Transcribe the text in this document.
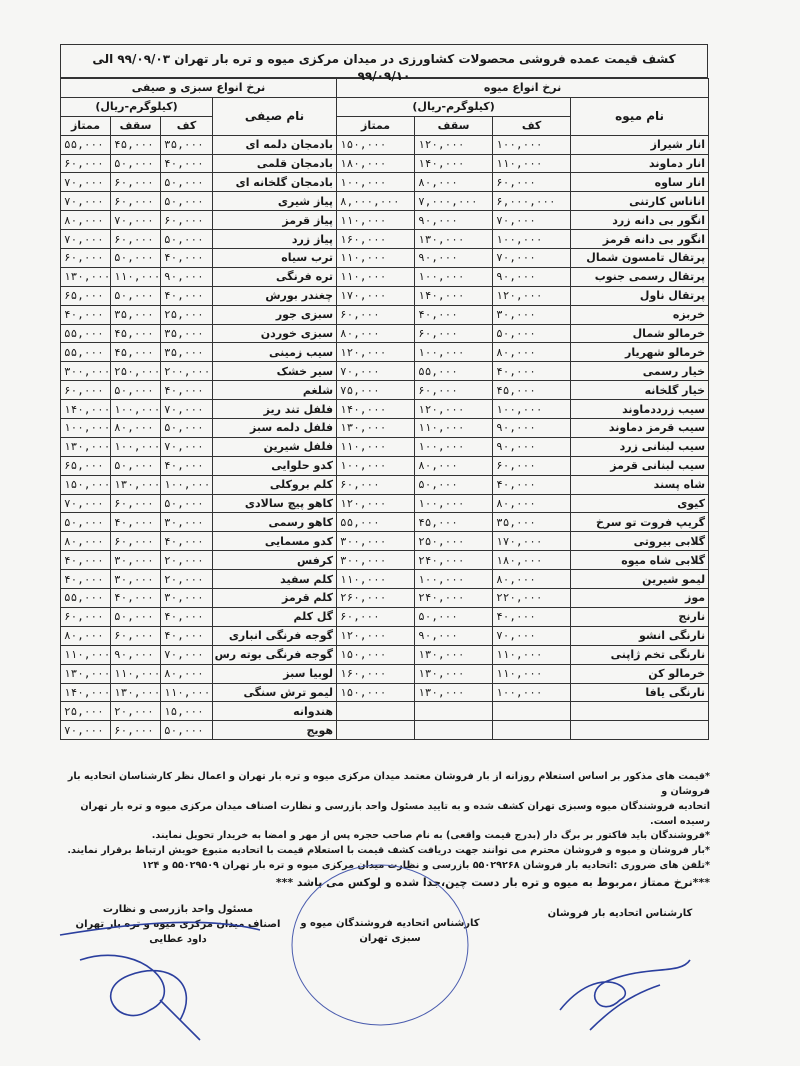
کشف قیمت عمده فروشی محصولات کشاورزی در میدان مرکزی میوه و تره بار تهران ۹۹/۰۹/۰۳ الی ۹۹/۰۹/۱۰
نرخ انواع میوه				نرخ انواع سبزی و صیفی			
نام میوه	(کیلوگرم-ریال)			نام صیفی	(کیلوگرم-ریال)		
	کف	سقف	ممتاز		کف	سقف	ممتاز
انار شیراز	۱۰۰,۰۰۰	۱۲۰,۰۰۰	۱۵۰,۰۰۰	بادمجان دلمه ای	۳۵,۰۰۰	۴۵,۰۰۰	۵۵,۰۰۰
انار دماوند	۱۱۰,۰۰۰	۱۴۰,۰۰۰	۱۸۰,۰۰۰	بادمجان قلمی	۴۰,۰۰۰	۵۰,۰۰۰	۶۰,۰۰۰
انار ساوه	۶۰,۰۰۰	۸۰,۰۰۰	۱۰۰,۰۰۰	بادمجان گلخانه ای	۵۰,۰۰۰	۶۰,۰۰۰	۷۰,۰۰۰
اناناس کارتنی	۶,۰۰۰,۰۰۰	۷,۰۰۰,۰۰۰	۸,۰۰۰,۰۰۰	پیاز شیری	۵۰,۰۰۰	۶۰,۰۰۰	۷۰,۰۰۰
انگور بی دانه زرد	۷۰,۰۰۰	۹۰,۰۰۰	۱۱۰,۰۰۰	پیاز قرمز	۶۰,۰۰۰	۷۰,۰۰۰	۸۰,۰۰۰
انگور بی دانه قرمز	۱۰۰,۰۰۰	۱۳۰,۰۰۰	۱۶۰,۰۰۰	پیاز زرد	۵۰,۰۰۰	۶۰,۰۰۰	۷۰,۰۰۰
پرتقال تامسون شمال	۷۰,۰۰۰	۹۰,۰۰۰	۱۱۰,۰۰۰	ترب سیاه	۴۰,۰۰۰	۵۰,۰۰۰	۶۰,۰۰۰
پرتقال رسمی جنوب	۹۰,۰۰۰	۱۰۰,۰۰۰	۱۱۰,۰۰۰	تره فرنگی	۹۰,۰۰۰	۱۱۰,۰۰۰	۱۳۰,۰۰۰
پرتقال ناول	۱۲۰,۰۰۰	۱۴۰,۰۰۰	۱۷۰,۰۰۰	چغندر بورش	۴۰,۰۰۰	۵۰,۰۰۰	۶۵,۰۰۰
خربزه	۳۰,۰۰۰	۴۰,۰۰۰	۶۰,۰۰۰	سبزی جور	۲۵,۰۰۰	۳۵,۰۰۰	۴۰,۰۰۰
خرمالو شمال	۵۰,۰۰۰	۶۰,۰۰۰	۸۰,۰۰۰	سبزی خوردن	۳۵,۰۰۰	۴۵,۰۰۰	۵۵,۰۰۰
خرمالو شهریار	۸۰,۰۰۰	۱۰۰,۰۰۰	۱۲۰,۰۰۰	سیب زمینی	۳۵,۰۰۰	۴۵,۰۰۰	۵۵,۰۰۰
خیار رسمی	۴۰,۰۰۰	۵۵,۰۰۰	۷۰,۰۰۰	سیر خشک	۲۰۰,۰۰۰	۲۵۰,۰۰۰	۳۰۰,۰۰۰
خیار گلخانه	۴۵,۰۰۰	۶۰,۰۰۰	۷۵,۰۰۰	شلغم	۴۰,۰۰۰	۵۰,۰۰۰	۶۰,۰۰۰
سیب زرددماوند	۱۰۰,۰۰۰	۱۲۰,۰۰۰	۱۴۰,۰۰۰	فلفل تند ریز	۷۰,۰۰۰	۱۰۰,۰۰۰	۱۴۰,۰۰۰
سیب قرمز دماوند	۹۰,۰۰۰	۱۱۰,۰۰۰	۱۳۰,۰۰۰	فلفل دلمه سبز	۵۰,۰۰۰	۸۰,۰۰۰	۱۰۰,۰۰۰
سیب لبنانی زرد	۹۰,۰۰۰	۱۰۰,۰۰۰	۱۱۰,۰۰۰	فلفل شیرین	۷۰,۰۰۰	۱۰۰,۰۰۰	۱۳۰,۰۰۰
سیب لبنانی قرمز	۶۰,۰۰۰	۸۰,۰۰۰	۱۰۰,۰۰۰	کدو حلوایی	۴۰,۰۰۰	۵۰,۰۰۰	۶۵,۰۰۰
شاه پسند	۴۰,۰۰۰	۵۰,۰۰۰	۶۰,۰۰۰	کلم بروکلی	۱۰۰,۰۰۰	۱۳۰,۰۰۰	۱۵۰,۰۰۰
کیوی	۸۰,۰۰۰	۱۰۰,۰۰۰	۱۲۰,۰۰۰	کاهو پیچ سالادی	۵۰,۰۰۰	۶۰,۰۰۰	۷۰,۰۰۰
گریپ فروت تو سرخ	۳۵,۰۰۰	۴۵,۰۰۰	۵۵,۰۰۰	کاهو رسمی	۳۰,۰۰۰	۴۰,۰۰۰	۵۰,۰۰۰
گلابی بیروتی	۱۷۰,۰۰۰	۲۵۰,۰۰۰	۳۰۰,۰۰۰	کدو مسمایی	۴۰,۰۰۰	۶۰,۰۰۰	۸۰,۰۰۰
گلابی شاه میوه	۱۸۰,۰۰۰	۲۴۰,۰۰۰	۳۰۰,۰۰۰	کرفس	۲۰,۰۰۰	۳۰,۰۰۰	۴۰,۰۰۰
لیمو شیرین	۸۰,۰۰۰	۱۰۰,۰۰۰	۱۱۰,۰۰۰	کلم سفید	۲۰,۰۰۰	۳۰,۰۰۰	۴۰,۰۰۰
موز	۲۲۰,۰۰۰	۲۴۰,۰۰۰	۲۶۰,۰۰۰	کلم قرمز	۳۰,۰۰۰	۴۰,۰۰۰	۵۵,۰۰۰
نارنج	۴۰,۰۰۰	۵۰,۰۰۰	۶۰,۰۰۰	گل کلم	۴۰,۰۰۰	۵۰,۰۰۰	۶۰,۰۰۰
نارنگی انشو	۷۰,۰۰۰	۹۰,۰۰۰	۱۲۰,۰۰۰	گوجه فرنگی انباری	۴۰,۰۰۰	۶۰,۰۰۰	۸۰,۰۰۰
نارنگی تخم ژاپنی	۱۱۰,۰۰۰	۱۳۰,۰۰۰	۱۵۰,۰۰۰	گوجه فرنگی بوته رس	۷۰,۰۰۰	۹۰,۰۰۰	۱۱۰,۰۰۰
خرمالو کن	۱۱۰,۰۰۰	۱۳۰,۰۰۰	۱۶۰,۰۰۰	لوبیا سبز	۸۰,۰۰۰	۱۱۰,۰۰۰	۱۳۰,۰۰۰
نارنگی یافا	۱۰۰,۰۰۰	۱۳۰,۰۰۰	۱۵۰,۰۰۰	لیمو ترش سنگی	۱۱۰,۰۰۰	۱۳۰,۰۰۰	۱۴۰,۰۰۰
				هندوانه	۱۵,۰۰۰	۲۰,۰۰۰	۲۵,۰۰۰
				هویج	۵۰,۰۰۰	۶۰,۰۰۰	۷۰,۰۰۰

*قیمت های مذکور بر اساس استعلام روزانه از بار فروشان معتمد میدان مرکزی میوه و تره بار تهران و اعمال نظر کارشناسان اتحادیه بار فروشان و

اتحادیه فروشندگان میوه وسبزی تهران کشف شده و به تایید مسئول واحد بازرسی و نظارت اصناف میدان مرکزی میوه و تره بار تهران رسیده است.

*فروشندگان باید فاکتور بر برگ دار (بدرج قیمت واقعی) به نام صاحب حجره پس از مهر و امضا به خریدار تحویل نمایند.

*بار فروشان و میوه و فروشان محترم می توانند جهت دریافت کشف قیمت با استعلام قیمت با اتحادیه متبوع خویش ارتباط برقرار نمایند.

*تلفن های ضروری :اتحادیه بار فروشان ۵۵۰۲۹۲۶۸ بازرسی و نظارت میدان مرکزی میوه و تره بار تهران ۵۵۰۲۹۵۰۹ و ۱۲۴

***نرخ ممتاز ،مربوط به میوه و تره بار دست چین،جدا شده و لوکس می باشد ***

مسئول واحد بازرسی و نظارت
اصناف میدان مرکزی میوه و تره بار تهران
داود عطایی
کارشناس اتحادیه فروشندگان میوه و سبزی تهران
کارشناس اتحادیه بار فروشان
